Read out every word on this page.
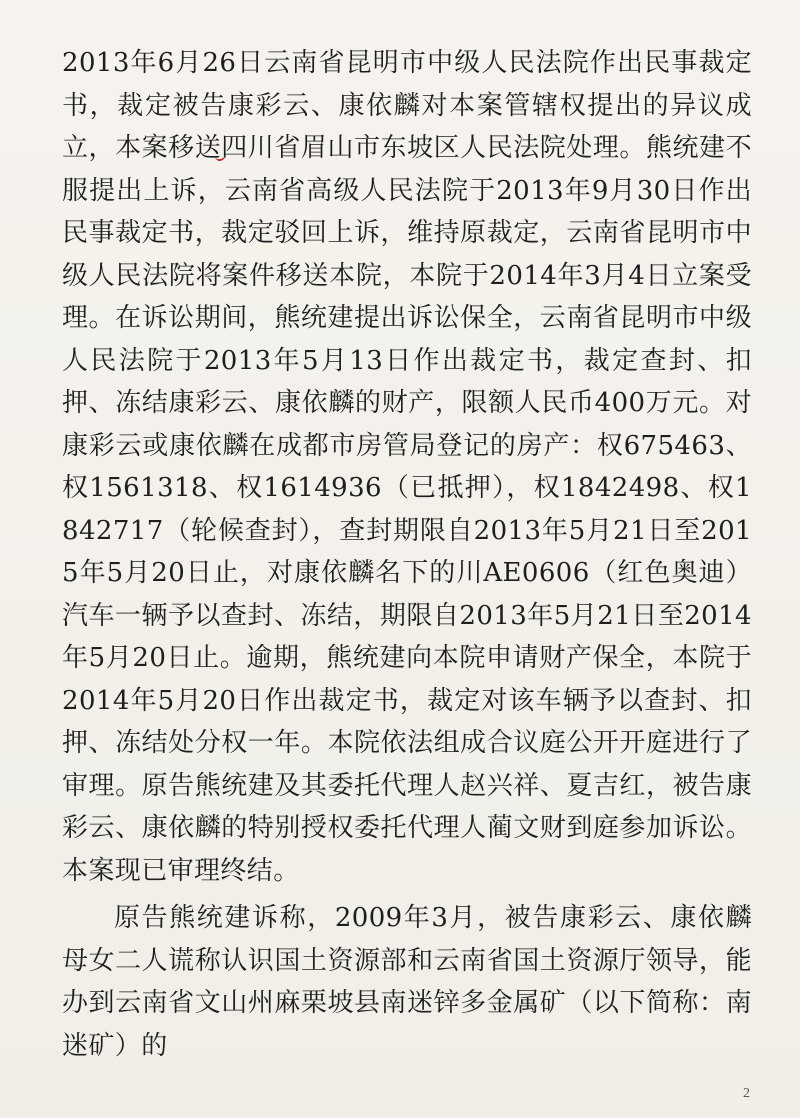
2013年6月26日云南省昆明市中级人民法院作出民事裁定书，裁定被告康彩云、康依麟对本案管辖权提出的异议成立，本案移送四川省眉山市东坡区人民法院处理。熊统建不服提出上诉，云南省高级人民法院于2013年9月30日作出民事裁定书，裁定驳回上诉，维持原裁定，云南省昆明市中级人民法院将案件移送本院，本院于2014年3月4日立案受理。在诉讼期间，熊统建提出诉讼保全，云南省昆明市中级人民法院于2013年5月13日作出裁定书，裁定查封、扣押、冻结康彩云、康依麟的财产，限额人民币400万元。对康彩云或康依麟在成都市房管局登记的房产：权675463、权1561318、权1614936（已抵押），权1842498、权1842717（轮候查封），查封期限自2013年5月21日至2015年5月20日止，对康依麟名下的川AE0606（红色奥迪）汽车一辆予以查封、冻结，期限自2013年5月21日至2014年5月20日止。逾期，熊统建向本院申请财产保全，本院于2014年5月20日作出裁定书，裁定对该车辆予以查封、扣押、冻结处分权一年。本院依法组成合议庭公开开庭进行了审理。原告熊统建及其委托代理人赵兴祥、夏吉红，被告康彩云、康依麟的特别授权委托代理人蔺文财到庭参加诉讼。本案现已审理终结。

原告熊统建诉称，2009年3月，被告康彩云、康依麟母女二人谎称认识国土资源部和云南省国土资源厅领导，能办到云南省文山州麻栗坡县南迷锌多金属矿（以下简称：南迷矿）的

2
